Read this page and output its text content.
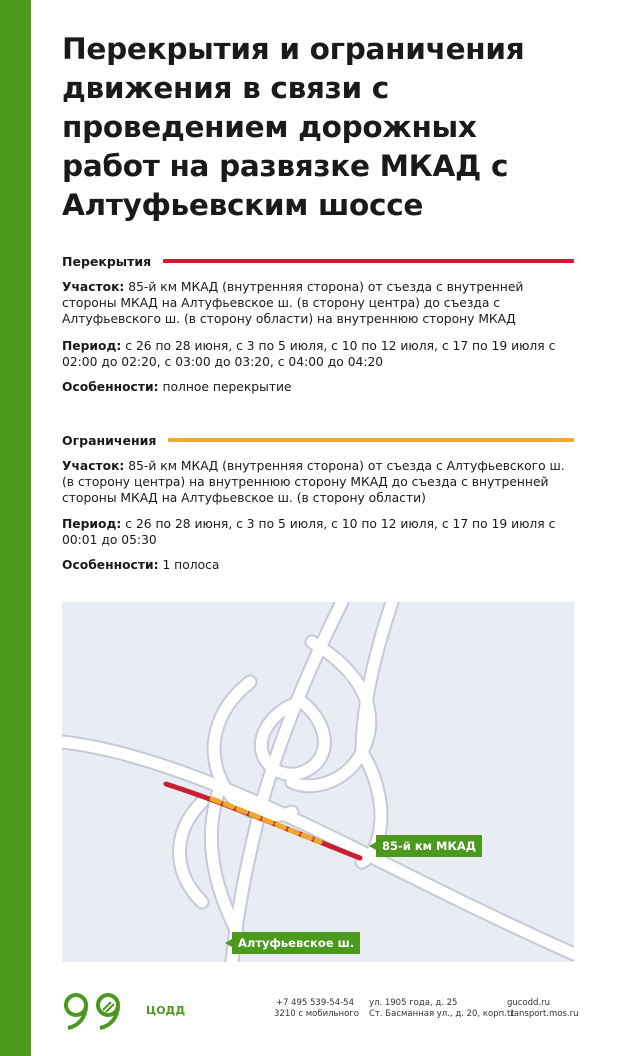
Перекрытия и ограничения движения в связи с проведением дорожных работ на развязке МКАД с Алтуфьевским шоссе
Перекрытия

Участок: 85-й км МКАД (внутренняя сторона) от съезда с внутренней стороны МКАД на Алтуфьевское ш. (в сторону центра) до съезда с Алтуфьевского ш. (в сторону области) на внутреннюю сторону МКАД

Период: с 26 по 28 июня, с 3 по 5 июля, с 10 по 12 июля, с 17 по 19 июля с 02:00 до 02:20, с 03:00 до 03:20, с 04:00 до 04:20

Особенности: полное перекрытие

Ограничения

Участок: 85-й км МКАД (внутренняя сторона) от съезда с Алтуфьевского ш. (в сторону центра) на внутреннюю сторону МКАД до съезда с внутренней стороны МКАД на Алтуфьевское ш. (в сторону области)

Период: с 26 по 28 июня, с 3 по 5 июля, с 10 по 12 июля, с 17 по 19 июля с 00:01 до 05:30

Особенности: 1 полоса

85-й км МКАД
Алтуфьевское ш.
ЦОДД
+7 495 539-54-54
3210 с мобильного
ул. 1905 года, д. 25
Ст. Басманная ул., д. 20, корп. 1
gucodd.ru
transport.mos.ru
